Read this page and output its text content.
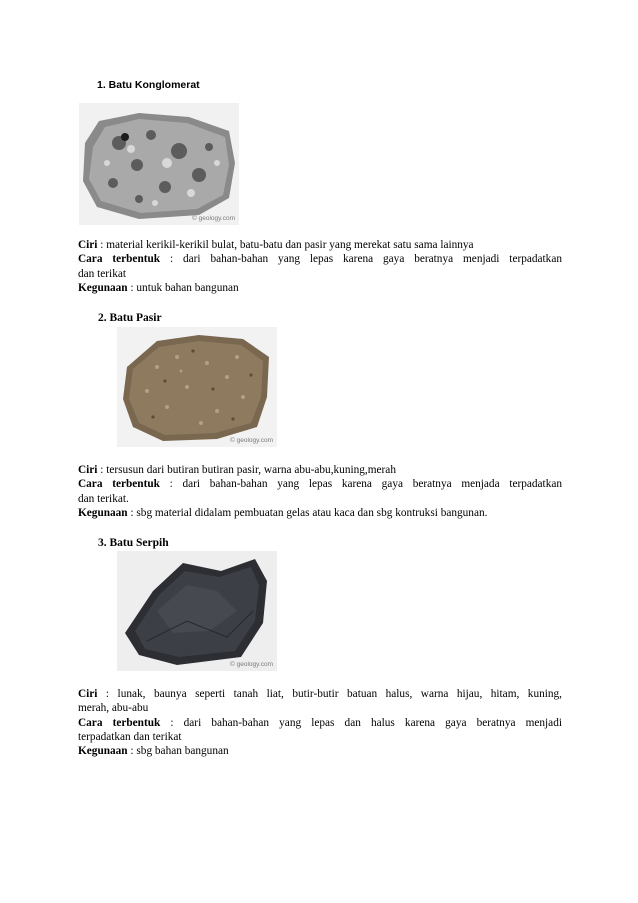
1. Batu Konglomerat
© geology.com
Ciri : material kerikil-kerikil bulat, batu-batu dan pasir yang merekat satu sama lainnya
Cara terbentuk : dari bahan-bahan yang lepas karena gaya beratnya menjadi terpadatkan
dan terikat
Kegunaan : untuk bahan bangunan
2. Batu Pasir
© geology.com
Ciri : tersusun dari butiran butiran pasir, warna abu-abu,kuning,merah
Cara terbentuk : dari bahan-bahan yang lepas karena gaya beratnya menjada terpadatkan
dan terikat.
Kegunaan : sbg material didalam pembuatan gelas atau kaca dan sbg kontruksi bangunan.
3. Batu Serpih
© geology.com
Ciri : lunak, baunya seperti tanah liat, butir-butir batuan halus, warna hijau, hitam, kuning,
merah, abu-abu
Cara terbentuk : dari bahan-bahan yang lepas dan halus karena gaya beratnya menjadi
terpadatkan dan terikat
Kegunaan : sbg bahan bangunan
